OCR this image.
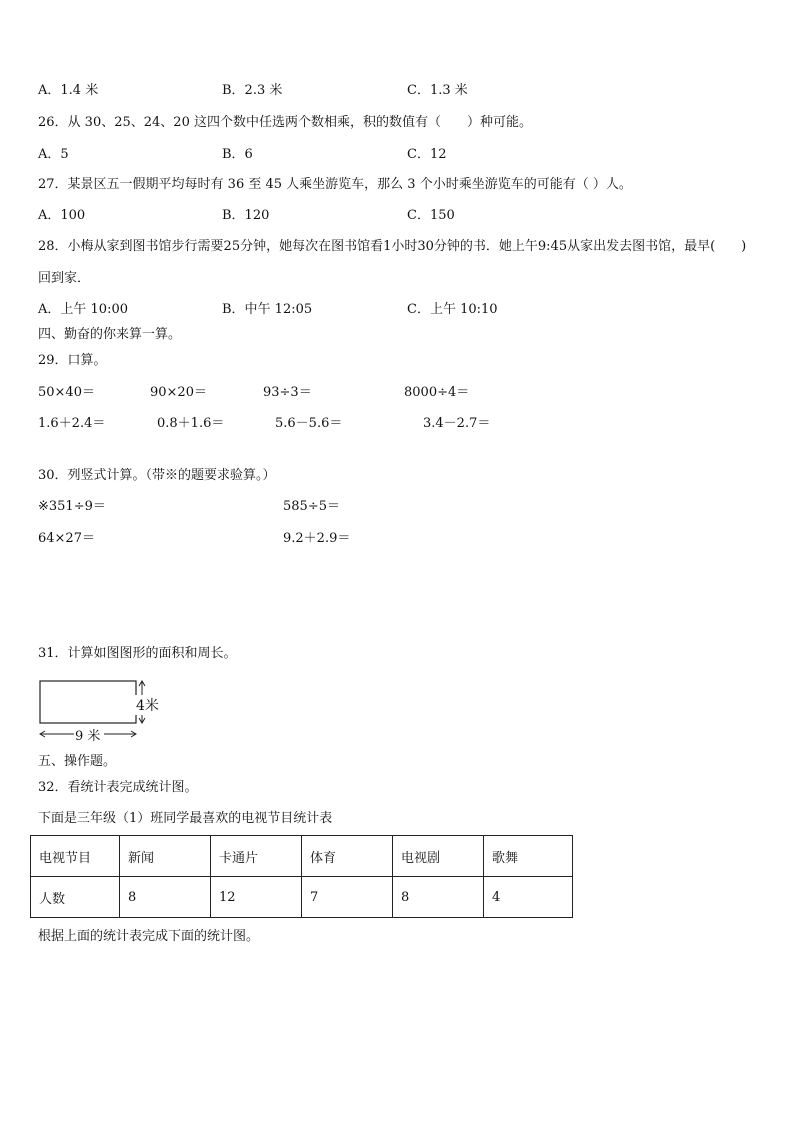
A．1.4 米	B．2.3 米	C．1.3 米
26．从 30、25、24、20 这四个数中任选两个数相乘，积的数值有（　　）种可能。
A．5	B．6	C．12
27．某景区五一假期平均每时有 36 至 45 人乘坐游览车，那么 3 个小时乘坐游览车的可能有（ ）人。
A．100	B．120	C．150
28．小梅从家到图书馆步行需要25分钟，她每次在图书馆看1小时30分钟的书．她上午9:45从家出发去图书馆，最早(　　)
回到家．
A．上午 10:00	B．中午 12:05	C．上午 10:10
四、勤奋的你来算一算。
29．口算。
50×40＝	90×20＝	93÷3＝	8000÷4＝
1.6＋2.4＝	0.8＋1.6＝	5.6－5.6＝	3.4－2.7＝
30．列竖式计算。（带※的题要求验算。）
※351÷9＝	585÷5＝
64×27＝	9.2＋2.9＝
31．计算如图图形的面积和周长。
4米
9 米
五、操作题。
32．看统计表完成统计图。
下面是三年级（1）班同学最喜欢的电视节目统计表
电视节目	新闻	卡通片	体育	电视剧	歌舞
人数	8	12	7	8	4
根据上面的统计表完成下面的统计图。
